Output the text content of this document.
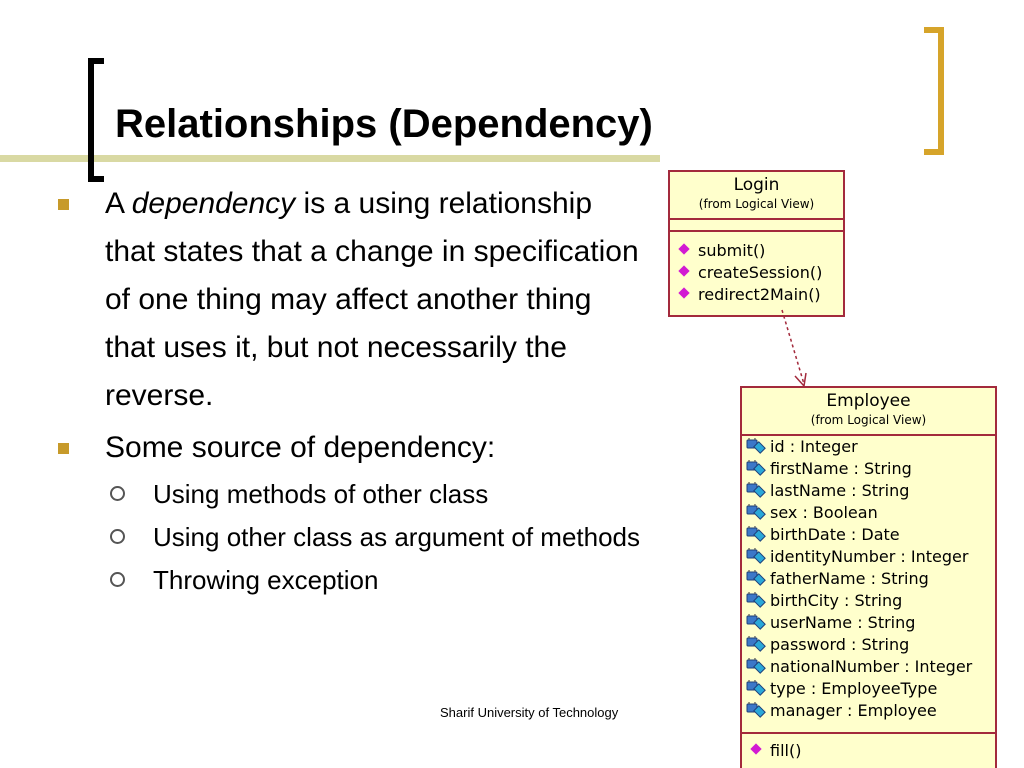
Relationships (Dependency)

A dependency is a using relationship that states that a change in specification of one thing may affect another thing that uses it, but not necessarily the reverse.

Some source of dependency:

Using methods of other class

Using other class as argument of methods

Throwing exception

Sharif University of Technology
Login
(from Logical View)
submit()
createSession()
redirect2Main()
Employee
(from Logical View)
id : Integer
firstName : String
lastName : String
sex : Boolean
birthDate : Date
identityNumber : Integer
fatherName : String
birthCity : String
userName : String
password : String
nationalNumber : Integer
type : EmployeeType
manager : Employee
fill()
